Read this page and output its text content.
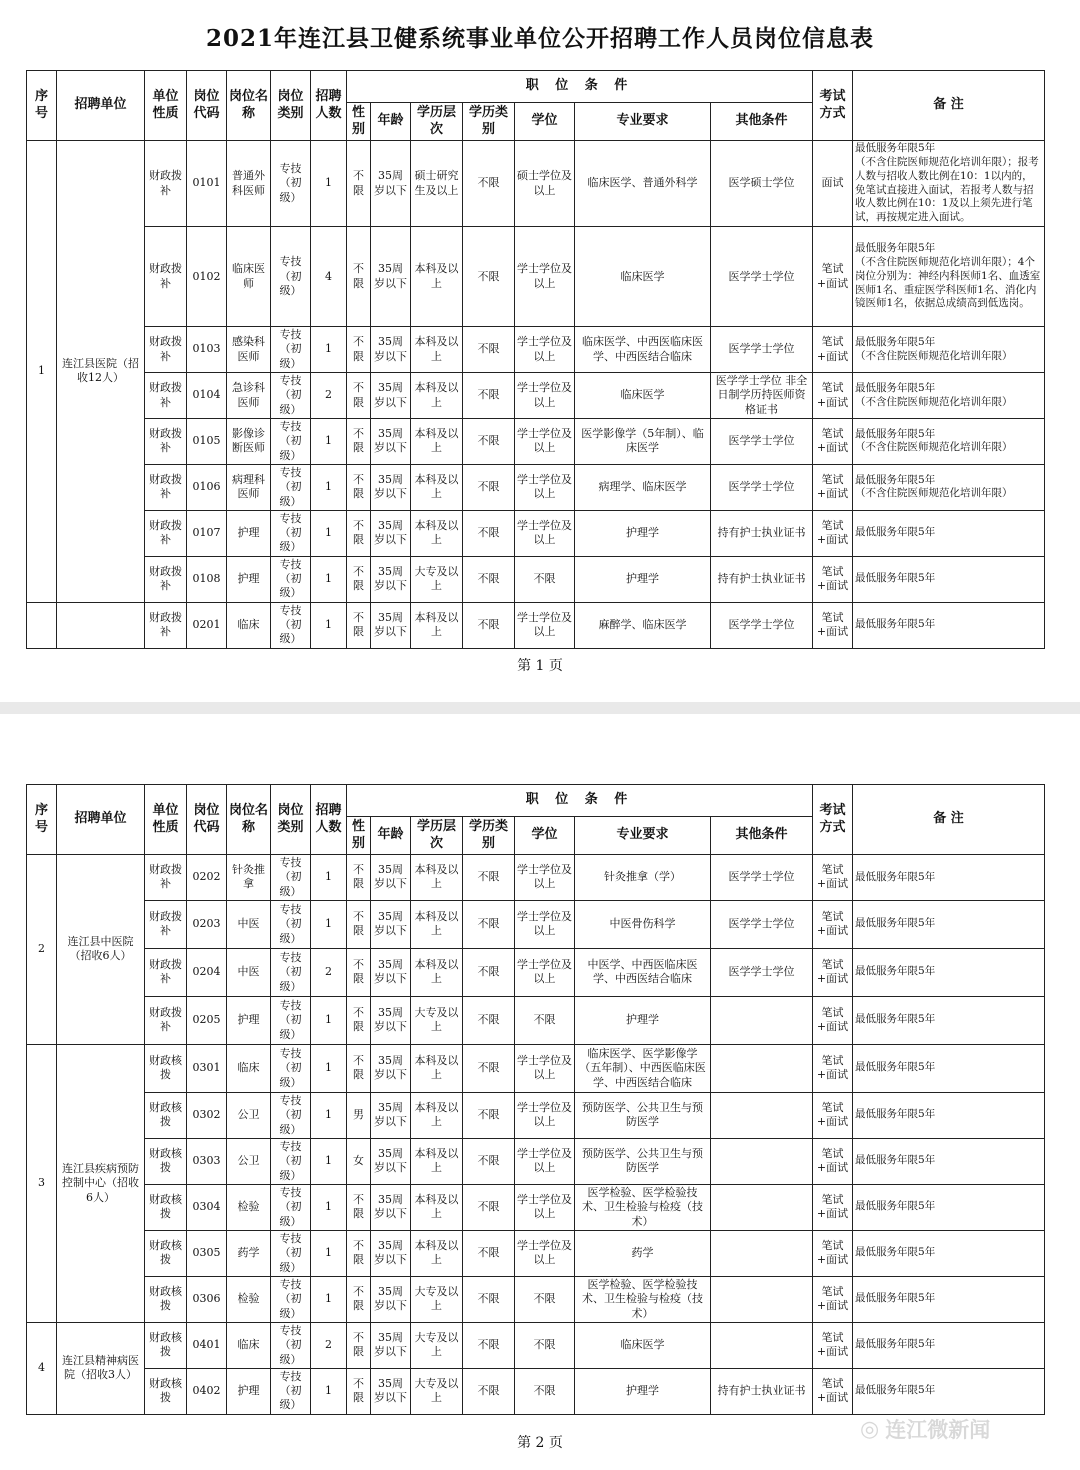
2021年连江县卫健系统事业单位公开招聘工作人员岗位信息表
序号	招聘单位	单位性质	岗位代码	岗位名称	岗位类别	招聘人数	职 位 条 件							考试方式	备 注
							性别	年龄	学历层次	学历类别	学位	专业要求	其他条件		
1	连江县医院（招收12人）	财政拨补	0101	普通外科医师	专技（初级）	1	不限	35周岁以下	硕士研究生及以上	不限	硕士学位及以上	临床医学、普通外科学	医学硕士学位	面试	最低服务年限5年
（不含住院医师规范化培训年限）；报考人数与招收人数比例在10：1以内的，免笔试直接进入面试，若报考人数与招收人数比例在10：1及以上须先进行笔试，再按规定进入面试。
		财政拨补	0102	临床医师	专技（初级）	4	不限	35周岁以下	本科及以上	不限	学士学位及以上	临床医学	医学学士学位	笔试+面试	最低服务年限5年
（不含住院医师规范化培训年限）；4个岗位分别为：神经内科医师1名、血透室医师1名、重症医学科医师1名、消化内镜医师1名，依据总成绩高到低选岗。
		财政拨补	0103	感染科医师	专技（初级）	1	不限	35周岁以下	本科及以上	不限	学士学位及以上	临床医学、中西医临床医学、中西医结合临床	医学学士学位	笔试+面试	最低服务年限5年
（不含住院医师规范化培训年限）
		财政拨补	0104	急诊科医师	专技（初级）	2	不限	35周岁以下	本科及以上	不限	学士学位及以上	临床医学	医学学士学位 非全日制学历持医师资格证书	笔试+面试	最低服务年限5年
（不含住院医师规范化培训年限）
		财政拨补	0105	影像诊断医师	专技（初级）	1	不限	35周岁以下	本科及以上	不限	学士学位及以上	医学影像学（5年制）、临床医学	医学学士学位	笔试+面试	最低服务年限5年
（不含住院医师规范化培训年限）
		财政拨补	0106	病理科医师	专技（初级）	1	不限	35周岁以下	本科及以上	不限	学士学位及以上	病理学、临床医学	医学学士学位	笔试+面试	最低服务年限5年
（不含住院医师规范化培训年限）
		财政拨补	0107	护理	专技（初级）	1	不限	35周岁以下	本科及以上	不限	学士学位及以上	护理学	持有护士执业证书	笔试+面试	最低服务年限5年
		财政拨补	0108	护理	专技（初级）	1	不限	35周岁以下	大专及以上	不限	不限	护理学	持有护士执业证书	笔试+面试	最低服务年限5年
		财政拨补	0201	临床	专技（初级）	1	不限	35周岁以下	本科及以上	不限	学士学位及以上	麻醉学、临床医学	医学学士学位	笔试+面试	最低服务年限5年
第 1 页
序号	招聘单位	单位性质	岗位代码	岗位名称	岗位类别	招聘人数	职 位 条 件							考试方式	备 注
							性别	年龄	学历层次	学历类别	学位	专业要求	其他条件		
2	连江县中医院（招收6人）	财政拨补	0202	针灸推拿	专技（初级）	1	不限	35周岁以下	本科及以上	不限	学士学位及以上	针灸推拿（学）	医学学士学位	笔试+面试	最低服务年限5年
		财政拨补	0203	中医	专技（初级）	1	不限	35周岁以下	本科及以上	不限	学士学位及以上	中医骨伤科学	医学学士学位	笔试+面试	最低服务年限5年
		财政拨补	0204	中医	专技（初级）	2	不限	35周岁以下	本科及以上	不限	学士学位及以上	中医学、中西医临床医学、中西医结合临床	医学学士学位	笔试+面试	最低服务年限5年
		财政拨补	0205	护理	专技（初级）	1	不限	35周岁以下	大专及以上	不限	不限	护理学		笔试+面试	最低服务年限5年
3	连江县疾病预防控制中心（招收6人）	财政核拨	0301	临床	专技（初级）	1	不限	35周岁以下	本科及以上	不限	学士学位及以上	临床医学、医学影像学（五年制）、中西医临床医学、中西医结合临床		笔试+面试	最低服务年限5年
		财政核拨	0302	公卫	专技（初级）	1	男	35周岁以下	本科及以上	不限	学士学位及以上	预防医学、公共卫生与预防医学		笔试+面试	最低服务年限5年
		财政核拨	0303	公卫	专技（初级）	1	女	35周岁以下	本科及以上	不限	学士学位及以上	预防医学、公共卫生与预防医学		笔试+面试	最低服务年限5年
		财政核拨	0304	检验	专技（初级）	1	不限	35周岁以下	本科及以上	不限	学士学位及以上	医学检验、医学检验技术、卫生检验与检疫（技术）		笔试+面试	最低服务年限5年
		财政核拨	0305	药学	专技（初级）	1	不限	35周岁以下	本科及以上	不限	学士学位及以上	药学		笔试+面试	最低服务年限5年
		财政核拨	0306	检验	专技（初级）	1	不限	35周岁以下	大专及以上	不限	不限	医学检验、医学检验技术、卫生检验与检疫（技术）		笔试+面试	最低服务年限5年
4	连江县精神病医院（招收3人）	财政核拨	0401	临床	专技（初级）	2	不限	35周岁以下	大专及以上	不限	不限	临床医学		笔试+面试	最低服务年限5年
		财政核拨	0402	护理	专技（初级）	1	不限	35周岁以下	大专及以上	不限	不限	护理学	持有护士执业证书	笔试+面试	最低服务年限5年
第 2 页
◎ 连江微新闻
